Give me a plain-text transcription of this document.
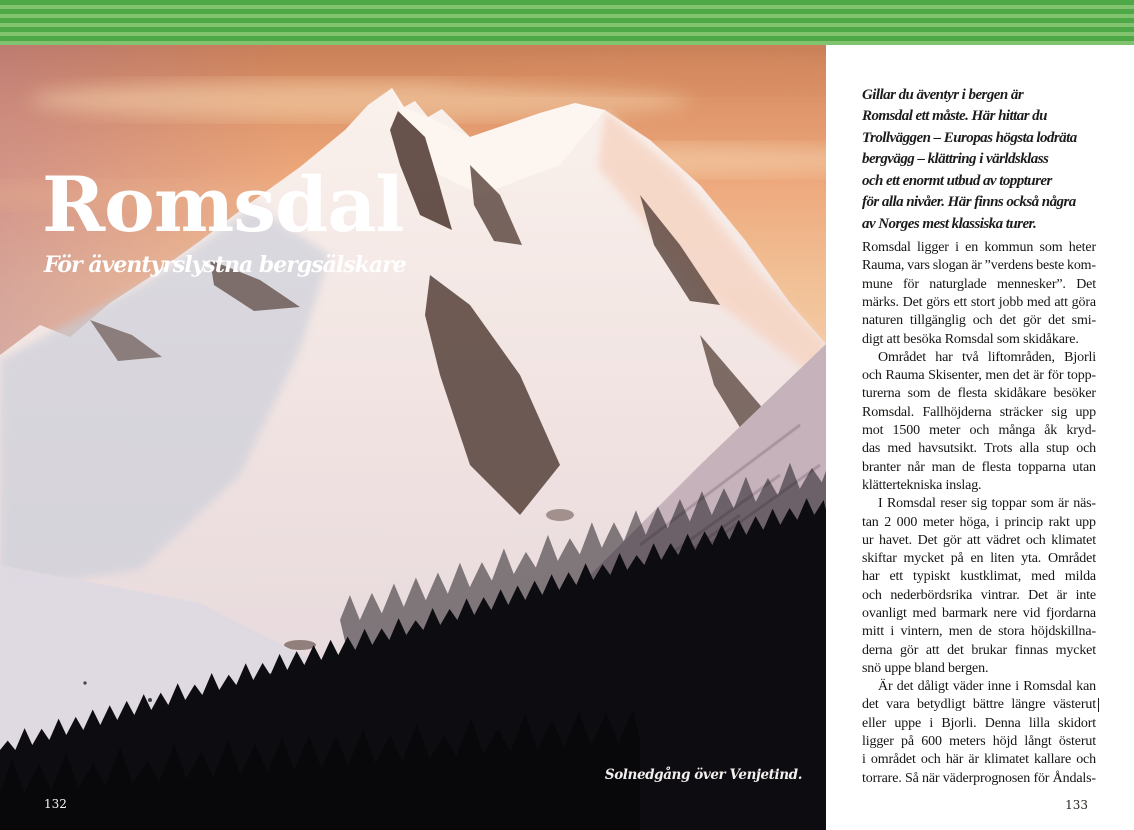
Romsdal

För äventyrslystna bergsälskare

Solnedgång över Venjetind.
132
Gillar du äventyr i bergen är
Romsdal ett måste. Här hittar du
Trollväggen – Europas högsta lodräta
bergvägg – klättring i världsklass
och ett enormt utbud av toppturer
för alla nivåer. Här finns också några
av Norges mest klassiska turer.
Romsdal ligger i en kommun som heter
Rauma, vars slogan är ”verdens beste kom-
mune för naturglade mennesker”. Det
märks. Det görs ett stort jobb med att göra
naturen tillgänglig och det gör det smi-
digt att besöka Romsdal som skidåkare.
Området har två liftområden, Bjorli
och Rauma Skisenter, men det är för topp-
turerna som de flesta skidåkare besöker
Romsdal. Fallhöjderna sträcker sig upp
mot 1500 meter och många åk kryd-
das med havsutsikt. Trots alla stup och
branter når man de flesta topparna utan
klättertekniska inslag.
I Romsdal reser sig toppar som är näs-
tan 2 000 meter höga, i princip rakt upp
ur havet. Det gör att vädret och klimatet
skiftar mycket på en liten yta. Området
har ett typiskt kustklimat, med milda
och nederbördsrika vintrar. Det är inte
ovanligt med barmark nere vid fjordarna
mitt i vintern, men de stora höjdskillna-
derna gör att det brukar finnas mycket
snö uppe bland bergen.
Är det dåligt väder inne i Romsdal kan
det vara betydligt bättre längre västerut
eller uppe i Bjorli. Denna lilla skidort
ligger på 600 meters höjd långt österut
i området och här är klimatet kallare och
torrare. Så när väderprognosen för Åndals-
133
